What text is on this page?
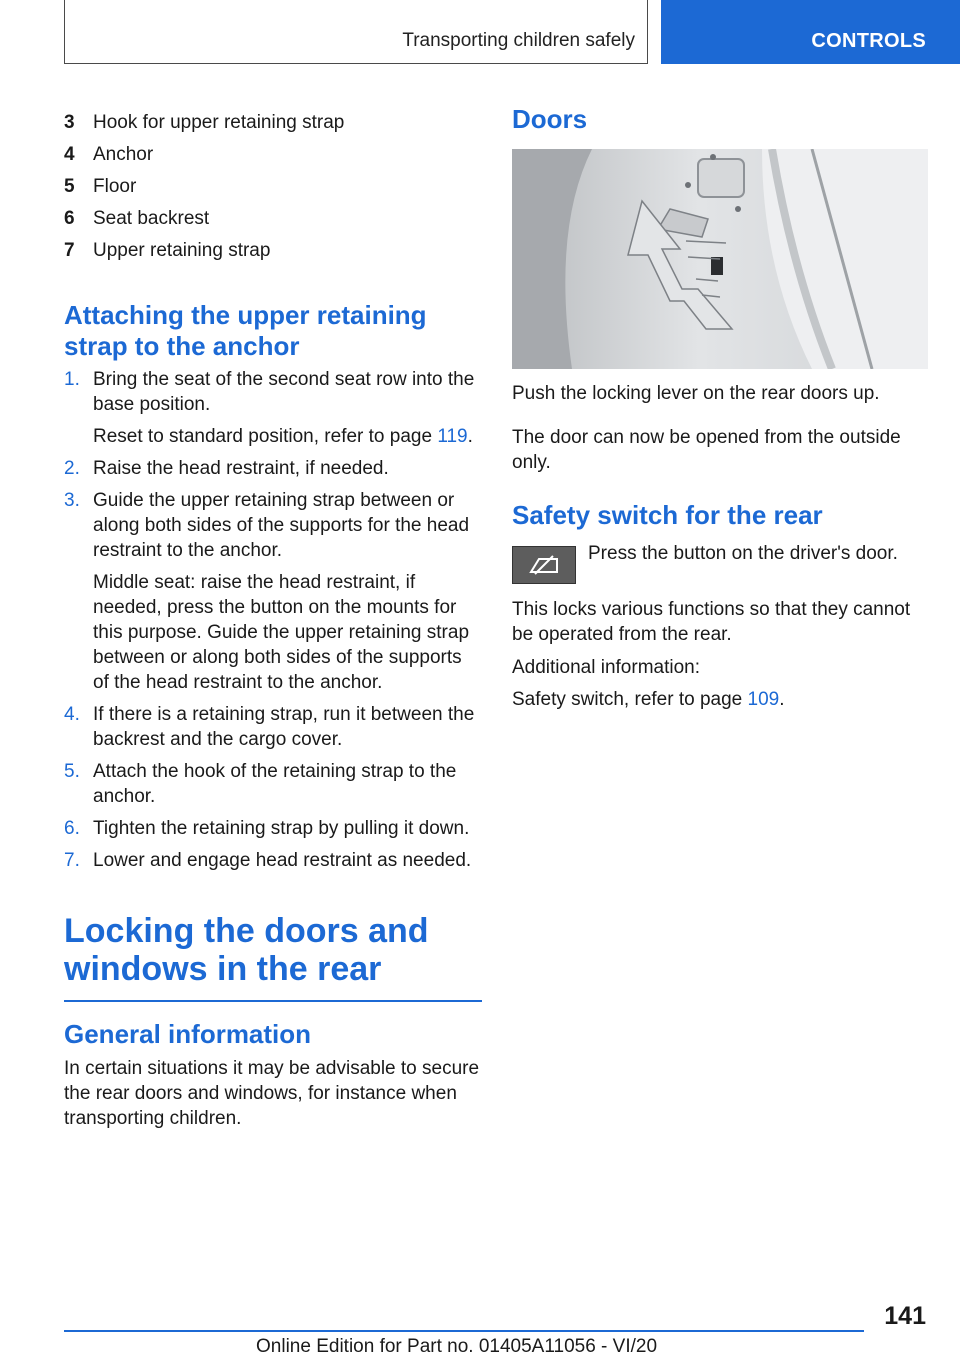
Transporting children safely	CONTROLS
3 Hook for upper retaining strap
4 Anchor
5 Floor
6 Seat backrest
7 Upper retaining strap
Attaching the upper retaining strap to the anchor
1. Bring the seat of the second seat row into the base position.

Reset to standard position, refer to page 119.

2. Raise the head restraint, if needed.

3. Guide the upper retaining strap between or along both sides of the supports for the head restraint to the anchor.

Middle seat: raise the head restraint, if needed, press the button on the mounts for this purpose. Guide the upper retaining strap between or along both sides of the supports of the head restraint to the anchor.

4. If there is a retaining strap, run it between the backrest and the cargo cover.

5. Attach the hook of the retaining strap to the anchor.

6. Tighten the retaining strap by pulling it down.

7. Lower and engage head restraint as needed.

Locking the doors and windows in the rear
General information

In certain situations it may be advisable to secure the rear doors and windows, for instance when transporting children.

Doors

Push the locking lever on the rear doors up.

The door can now be opened from the outside only.

Safety switch for the rear

Press the button on the driver's door.

This locks various functions so that they cannot be operated from the rear.

Additional information:

Safety switch, refer to page 109.

141
Online Edition for Part no. 01405A11056 - VI/20
